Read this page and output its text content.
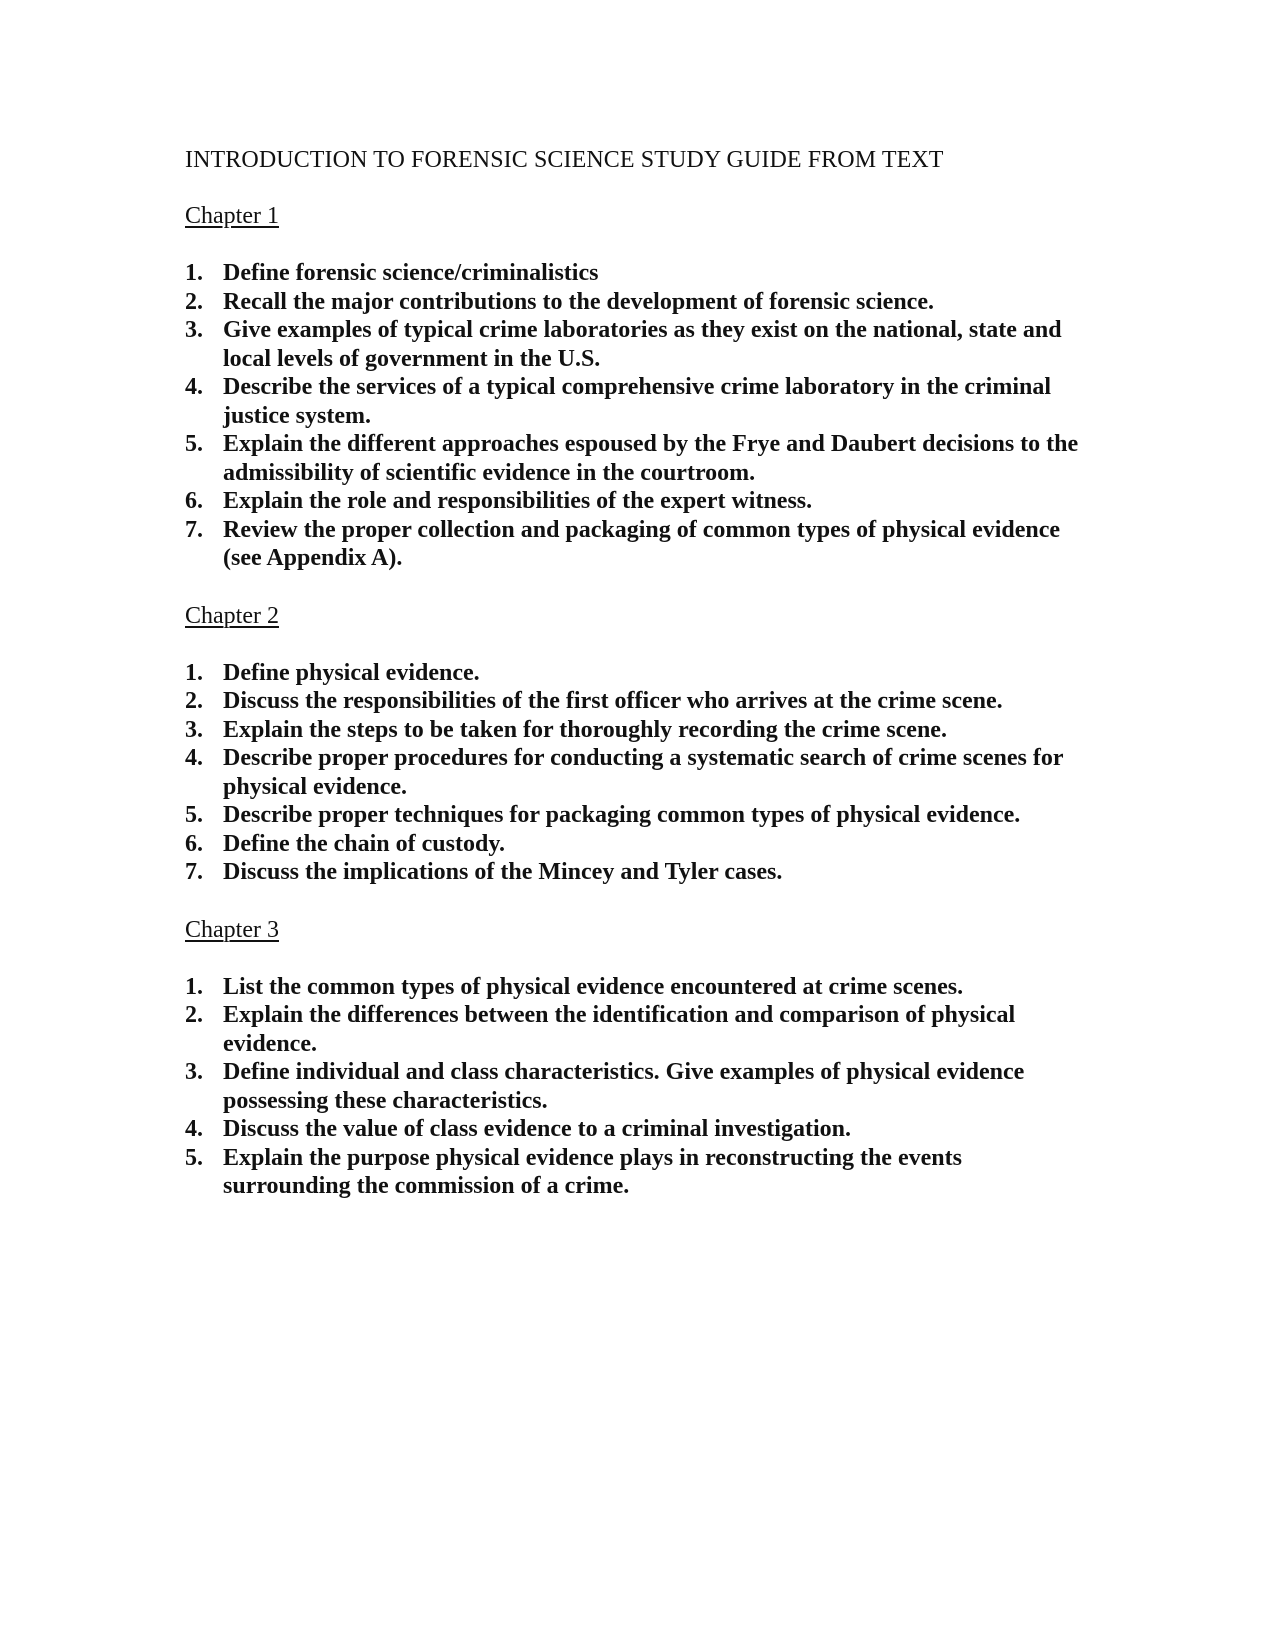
INTRODUCTION TO FORENSIC SCIENCE STUDY GUIDE FROM TEXT
Chapter 1
1. Define forensic science/criminalistics
2. Recall the major contributions to the development of forensic science.
3. Give examples of typical crime laboratories as they exist on the national, state and local levels of government in the U.S.
4. Describe the services of a typical comprehensive crime laboratory in the criminal justice system.
5. Explain the different approaches espoused by the Frye and Daubert decisions to the admissibility of scientific evidence in the courtroom.
6. Explain the role and responsibilities of the expert witness.
7. Review the proper collection and packaging of common types of physical evidence (see Appendix A).
Chapter 2
1. Define physical evidence.
2. Discuss the responsibilities of the first officer who arrives at the crime scene.
3. Explain the steps to be taken for thoroughly recording the crime scene.
4. Describe proper procedures for conducting a systematic search of crime scenes for physical evidence.
5. Describe proper techniques for packaging common types of physical evidence.
6. Define the chain of custody.
7. Discuss the implications of the Mincey and Tyler cases.
Chapter 3
1. List the common types of physical evidence encountered at crime scenes.
2. Explain the differences between the identification and comparison of physical evidence.
3. Define individual and class characteristics. Give examples of physical evidence possessing these characteristics.
4. Discuss the value of class evidence to a criminal investigation.
5. Explain the purpose physical evidence plays in reconstructing the events surrounding the commission of a crime.
